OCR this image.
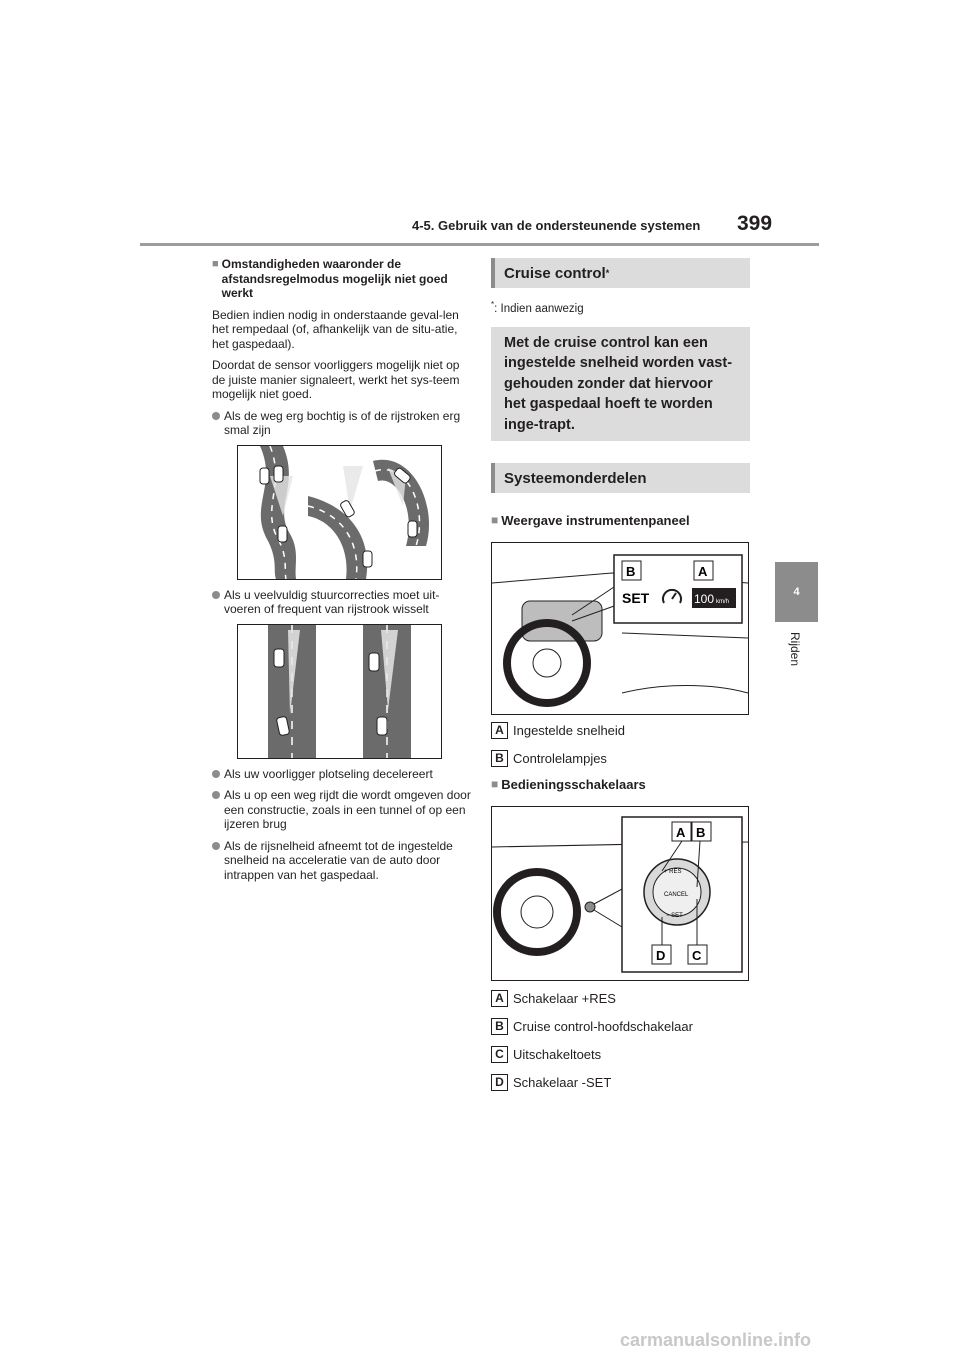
4-5. Gebruik van de ondersteunende systemen 399
4
Rijden
■ Omstandigheden waaronder de afstandsregelmodus mogelijk niet goed werkt

Bedien indien nodig in onderstaande geval-len het rempedaal (of, afhankelijk van de situ-atie, het gaspedaal).

Doordat de sensor voorliggers mogelijk niet op de juiste manier signaleert, werkt het sys-teem mogelijk niet goed.

Als de weg erg bochtig is of de rijstroken erg smal zijn
Als u veelvuldig stuurcorrecties moet uit-voeren of frequent van rijstrook wisselt
Als uw voorligger plotseling decelereert
Als u op een weg rijdt die wordt omgeven door een constructie, zoals in een tunnel of op een ijzeren brug
Als de rijsnelheid afneemt tot de ingestelde snelheid na acceleratie van de auto door intrappen van het gaspedaal.
Cruise control *

*: Indien aanwezig

Met de cruise control kan een ingestelde snelheid worden vast-gehouden zonder dat hiervoor het gaspedaal hoeft te worden inge-trapt.
Systeemonderdelen
■ Weergave instrumentenpaneel
B	A
SET	100 km/h
A Ingestelde snelheid
B Controlelampjes
■ Bedieningsschakelaars
A B
+ RES
CANCEL
− SET
D C
A Schakelaar +RES
B Cruise control-hoofdschakelaar
C Uitschakeltoets
D Schakelaar -SET
carmanualsonline.info
